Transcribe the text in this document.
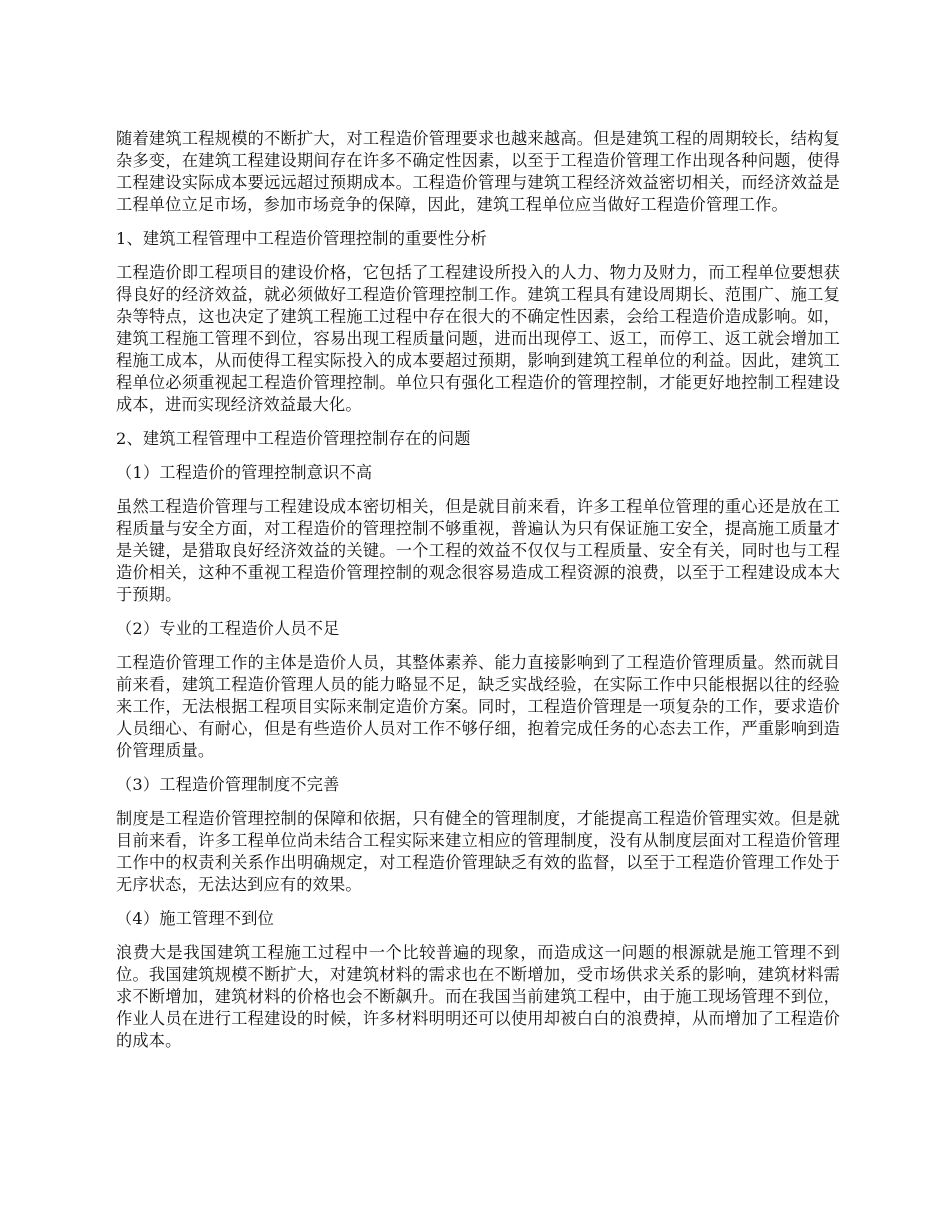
随着建筑工程规模的不断扩大，对工程造价管理要求也越来越高。但是建筑工程的周期较长，结构复杂多变，在建筑工程建设期间存在许多不确定性因素，以至于工程造价管理工作出现各种问题，使得工程建设实际成本要远远超过预期成本。工程造价管理与建筑工程经济效益密切相关，而经济效益是工程单位立足市场，参加市场竞争的保障，因此，建筑工程单位应当做好工程造价管理工作。

1、建筑工程管理中工程造价管理控制的重要性分析

工程造价即工程项目的建设价格，它包括了工程建设所投入的人力、物力及财力，而工程单位要想获得良好的经济效益，就必须做好工程造价管理控制工作。建筑工程具有建设周期长、范围广、施工复杂等特点，这也决定了建筑工程施工过程中存在很大的不确定性因素，会给工程造价造成影响。如，建筑工程施工管理不到位，容易出现工程质量问题，进而出现停工、返工，而停工、返工就会增加工程施工成本，从而使得工程实际投入的成本要超过预期，影响到建筑工程单位的利益。因此，建筑工程单位必须重视起工程造价管理控制。单位只有强化工程造价的管理控制，才能更好地控制工程建设成本，进而实现经济效益最大化。

2、建筑工程管理中工程造价管理控制存在的问题

（1）工程造价的管理控制意识不高

虽然工程造价管理与工程建设成本密切相关，但是就目前来看，许多工程单位管理的重心还是放在工程质量与安全方面，对工程造价的管理控制不够重视，普遍认为只有保证施工安全，提高施工质量才是关键，是猎取良好经济效益的关键。一个工程的效益不仅仅与工程质量、安全有关，同时也与工程造价相关，这种不重视工程造价管理控制的观念很容易造成工程资源的浪费，以至于工程建设成本大于预期。

（2）专业的工程造价人员不足

工程造价管理工作的主体是造价人员，其整体素养、能力直接影响到了工程造价管理质量。然而就目前来看，建筑工程造价管理人员的能力略显不足，缺乏实战经验，在实际工作中只能根据以往的经验来工作，无法根据工程项目实际来制定造价方案。同时，工程造价管理是一项复杂的工作，要求造价人员细心、有耐心，但是有些造价人员对工作不够仔细，抱着完成任务的心态去工作，严重影响到造价管理质量。

（3）工程造价管理制度不完善

制度是工程造价管理控制的保障和依据，只有健全的管理制度，才能提高工程造价管理实效。但是就目前来看，许多工程单位尚未结合工程实际来建立相应的管理制度，没有从制度层面对工程造价管理工作中的权责利关系作出明确规定，对工程造价管理缺乏有效的监督，以至于工程造价管理工作处于无序状态，无法达到应有的效果。

（4）施工管理不到位

浪费大是我国建筑工程施工过程中一个比较普遍的现象，而造成这一问题的根源就是施工管理不到位。我国建筑规模不断扩大，对建筑材料的需求也在不断增加，受市场供求关系的影响，建筑材料需求不断增加，建筑材料的价格也会不断飙升。而在我国当前建筑工程中，由于施工现场管理不到位，作业人员在进行工程建设的时候，许多材料明明还可以使用却被白白的浪费掉，从而增加了工程造价的成本。
